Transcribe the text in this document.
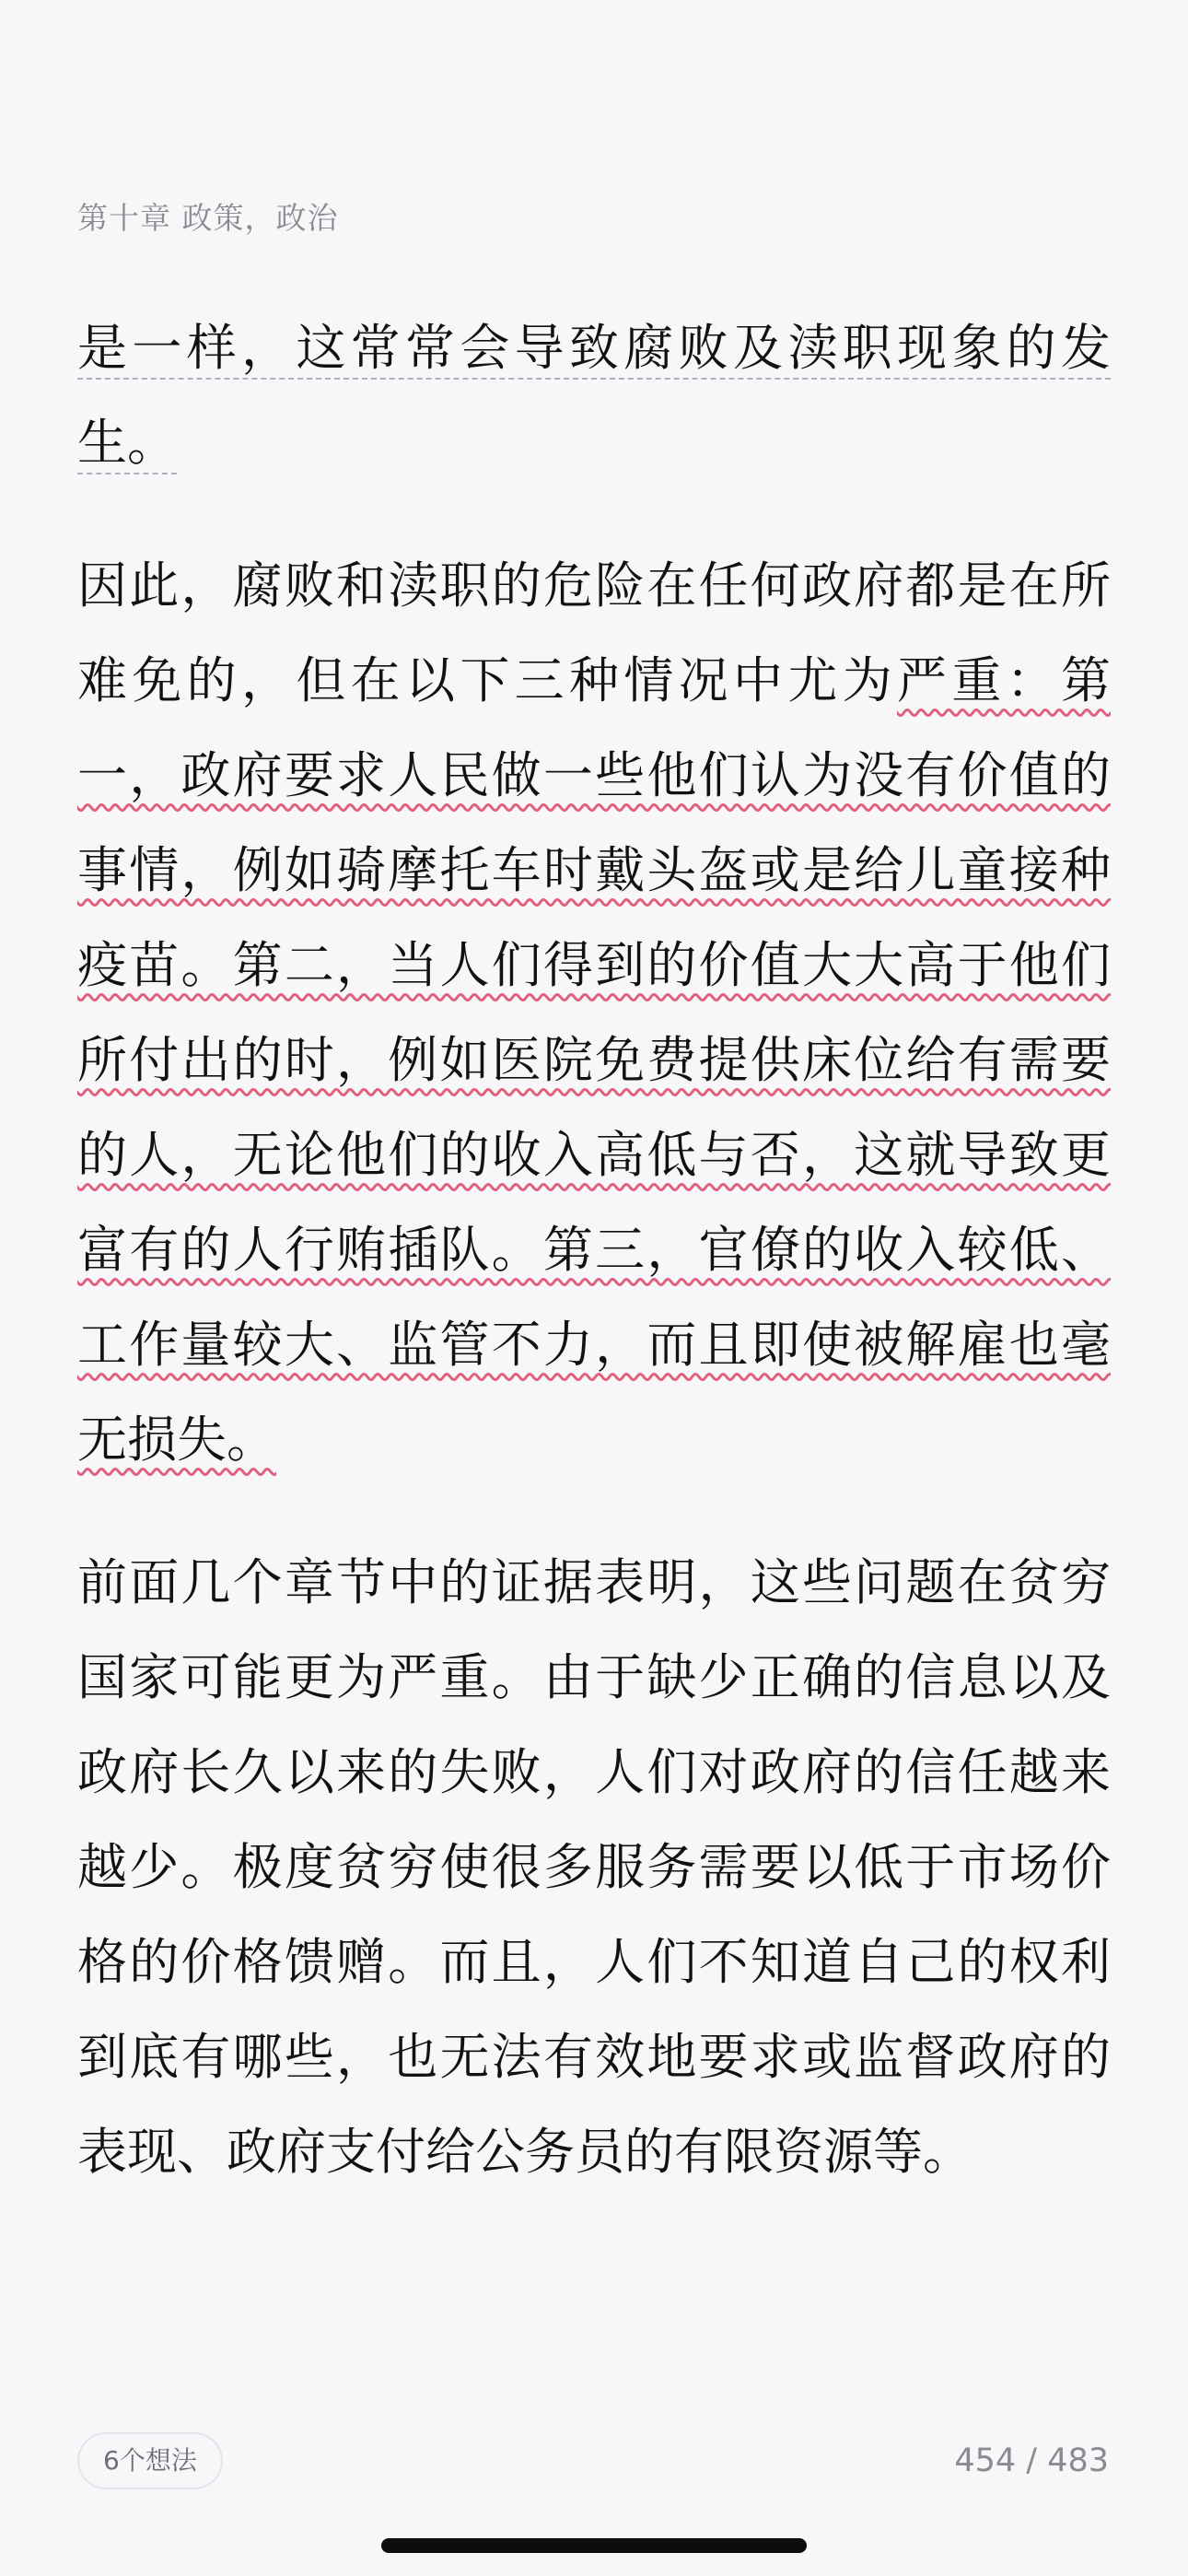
第十章 政策，政治

是一样，这常常会导致腐败及渎职现象的发生。

因此，腐败和渎职的危险在任何政府都是在所难免的，但在以下三种情况中尤为严重：第一，政府要求人民做一些他们认为没有价值的事情，例如骑摩托车时戴头盔或是给儿童接种疫苗。第二，当人们得到的价值大大高于他们所付出的时，例如医院免费提供床位给有需要的人，无论他们的收入高低与否，这就导致更富有的人行贿插队。第三，官僚的收入较低、工作量较大、监管不力，而且即使被解雇也毫无损失。

前面几个章节中的证据表明，这些问题在贫穷国家可能更为严重。由于缺少正确的信息以及政府长久以来的失败，人们对政府的信任越来越少。极度贫穷使很多服务需要以低于市场价格的价格馈赠。而且，人们不知道自己的权利到底有哪些，也无法有效地要求或监督政府的表现、政府支付给公务员的有限资源等。

6个想法	454 / 483
